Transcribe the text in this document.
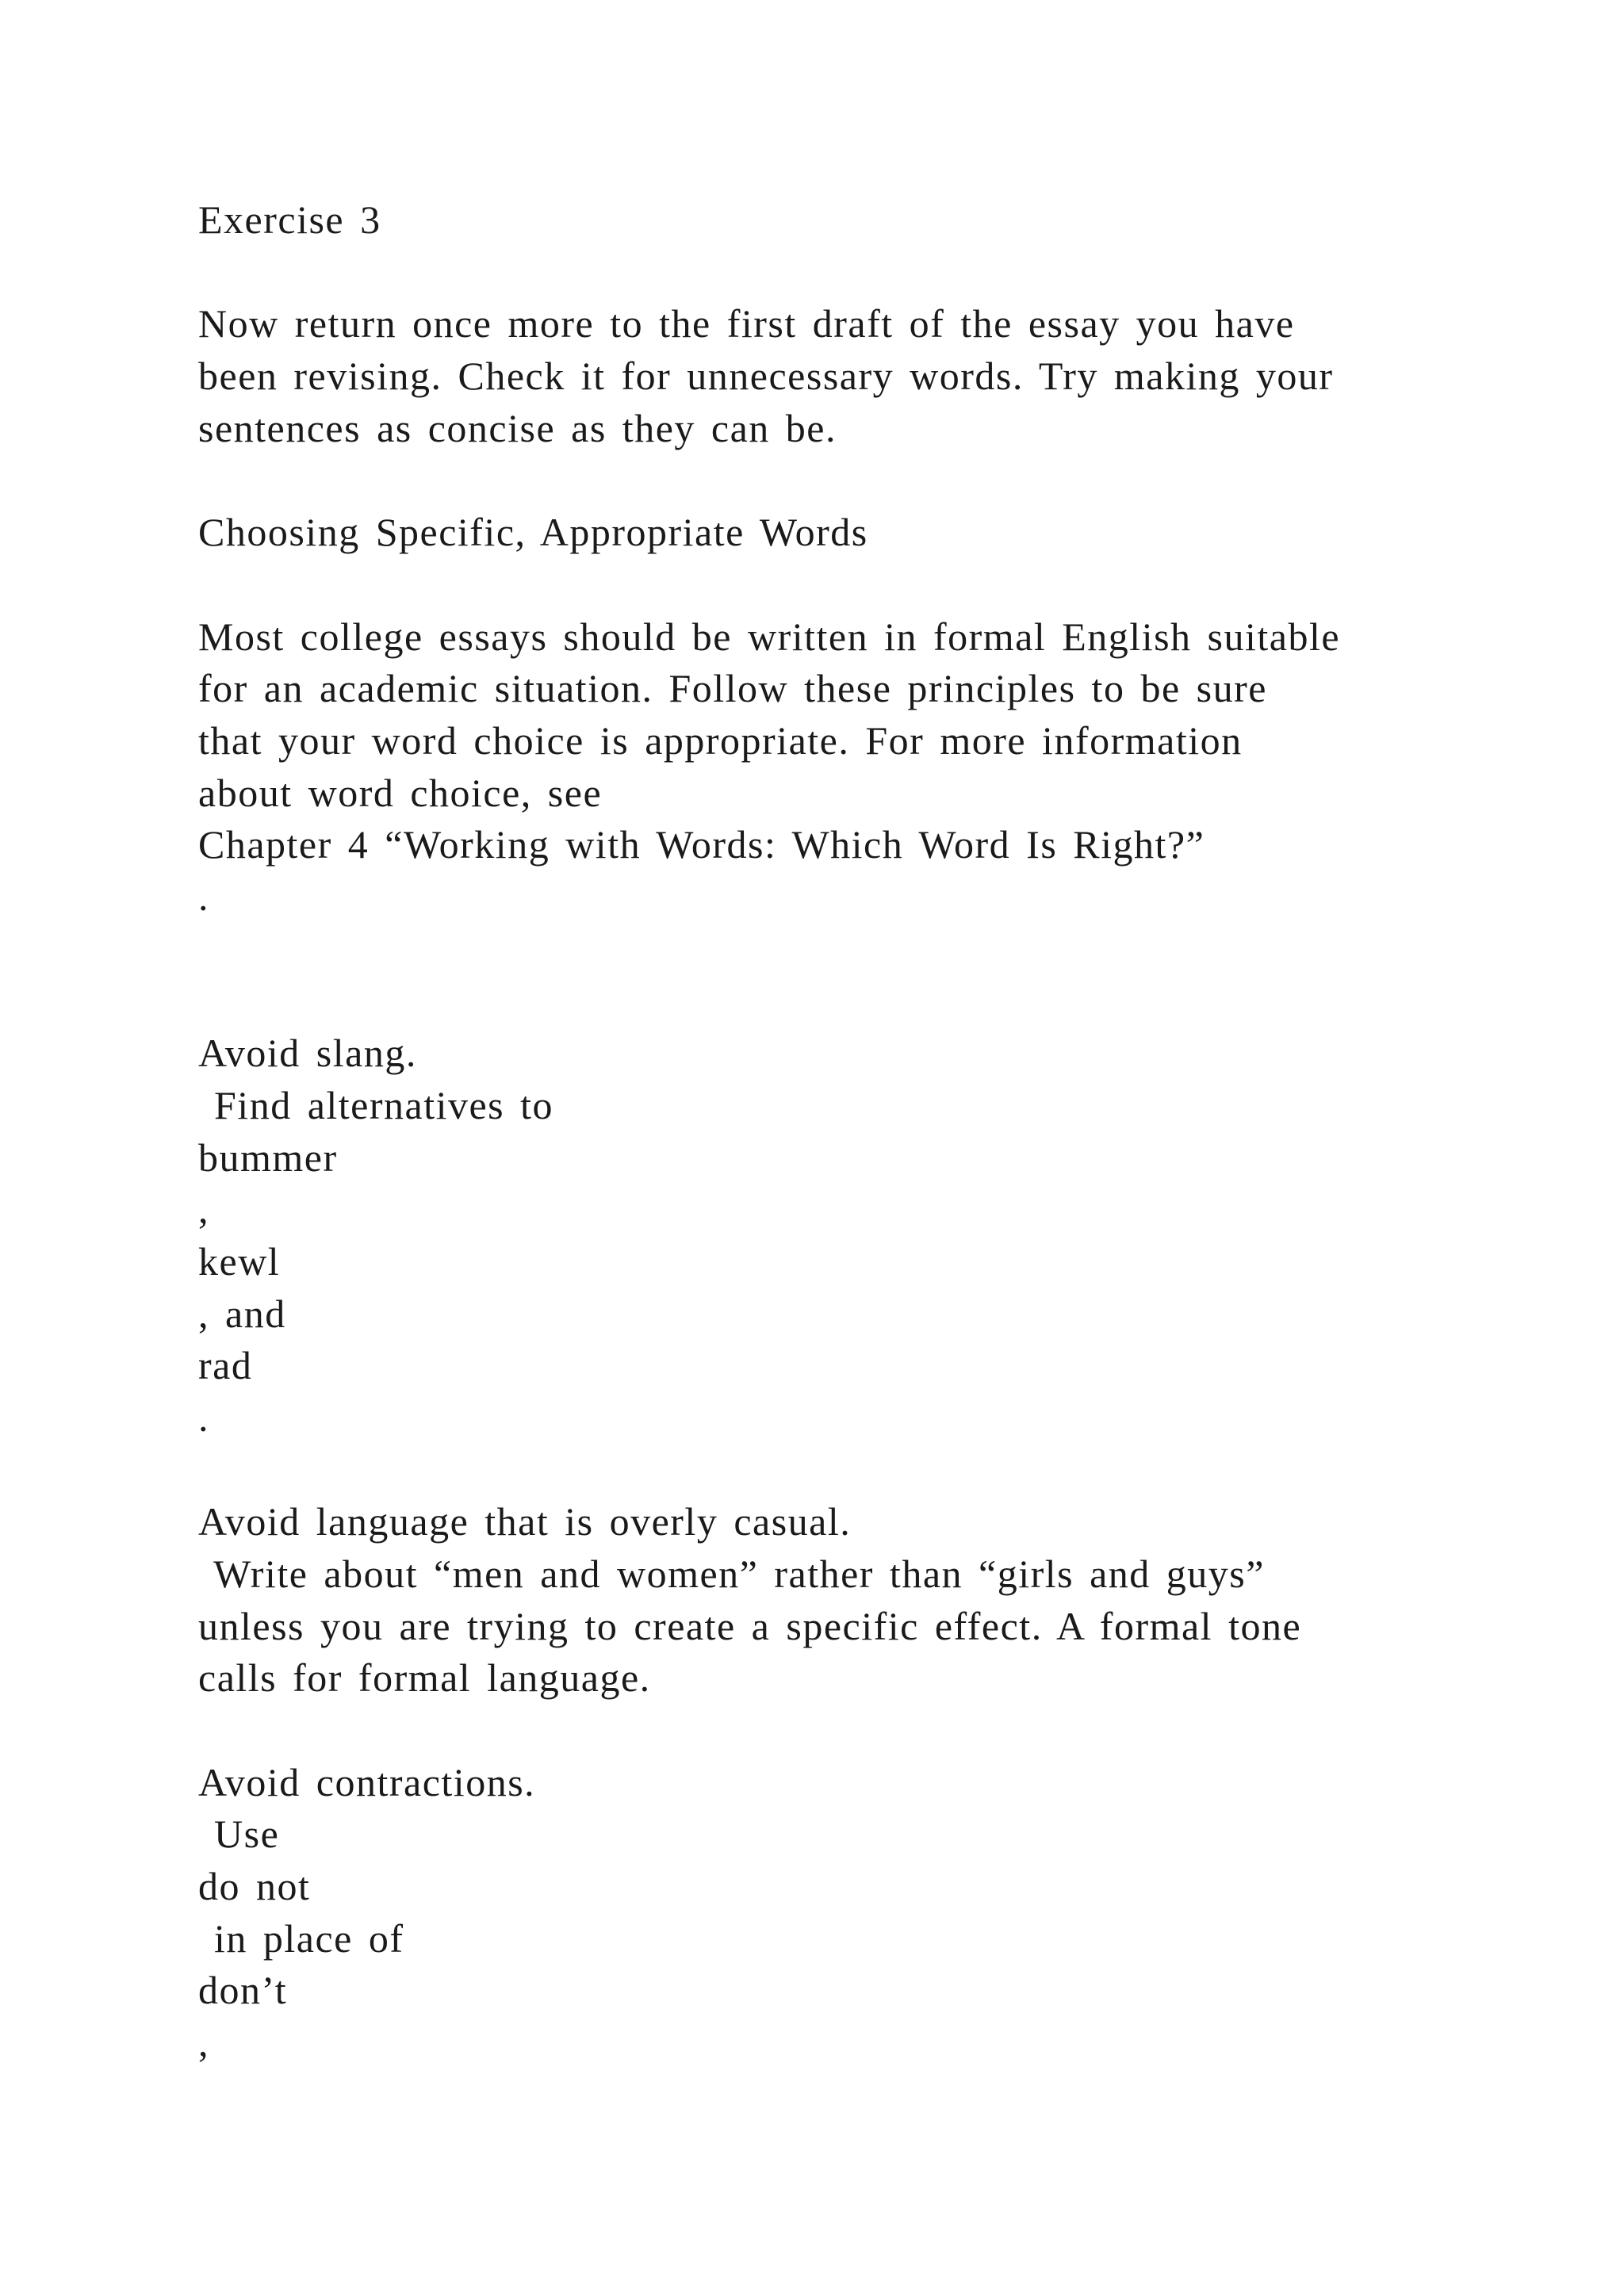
Exercise 3

Now return once more to the first draft of the essay you have

been revising. Check it for unnecessary words. Try making your

sentences as concise as they can be.

Choosing Specific, Appropriate Words

Most college essays should be written in formal English suitable

for an academic situation. Follow these principles to be sure

that your word choice is appropriate. For more information

about word choice, see

Chapter 4 “Working with Words: Which Word Is Right?”

.

Avoid slang.

Find alternatives to

bummer

,

kewl

, and

rad

.

Avoid language that is overly casual.

Write about “men and women” rather than “girls and guys”

unless you are trying to create a specific effect. A formal tone

calls for formal language.

Avoid contractions.

Use

do not

in place of

don’t

,
